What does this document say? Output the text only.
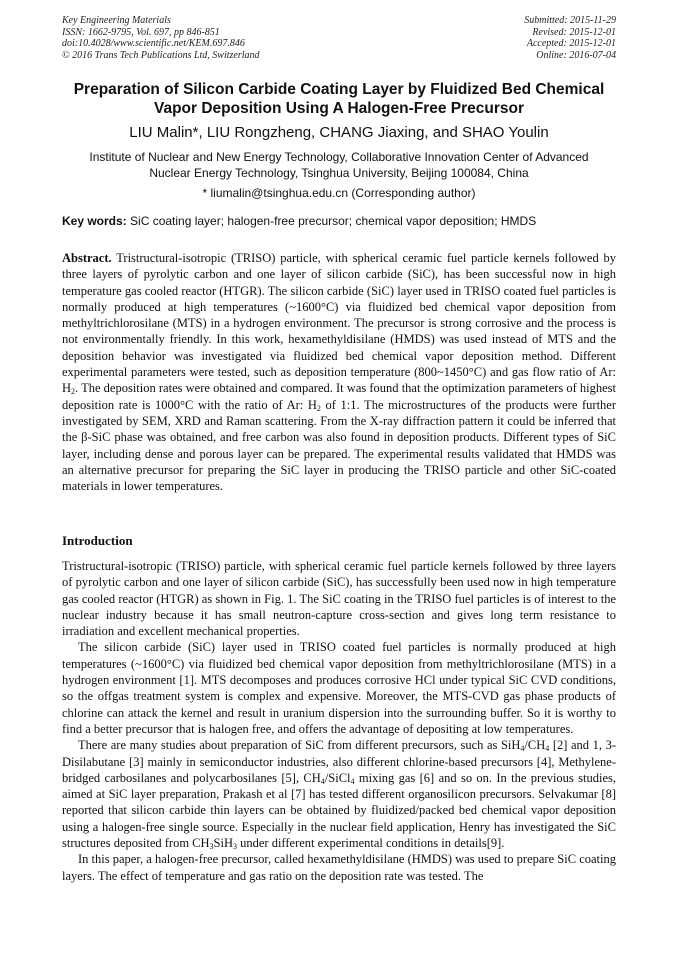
Key Engineering Materials
ISSN: 1662-9795, Vol. 697, pp 846-851
doi:10.4028/www.scientific.net/KEM.697.846
© 2016 Trans Tech Publications Ltd, Switzerland
Submitted: 2015-11-29
Revised: 2015-12-01
Accepted: 2015-12-01
Online: 2016-07-04
Preparation of Silicon Carbide Coating Layer by Fluidized Bed Chemical
Vapor Deposition Using A Halogen-Free Precursor
LIU Malin*, LIU Rongzheng, CHANG Jiaxing, and SHAO Youlin
Institute of Nuclear and New Energy Technology, Collaborative Innovation Center of Advanced
Nuclear Energy Technology, Tsinghua University, Beijing 100084, China
* liumalin@tsinghua.edu.cn (Corresponding author)
Key words: SiC coating layer; halogen-free precursor; chemical vapor deposition; HMDS
Abstract. Tristructural-isotropic (TRISO) particle, with spherical ceramic fuel particle kernels followed by three layers of pyrolytic carbon and one layer of silicon carbide (SiC), has been successful now in high temperature gas cooled reactor (HTGR). The silicon carbide (SiC) layer used in TRISO coated fuel particles is normally produced at high temperatures (~1600°C) via fluidized bed chemical vapor deposition from methyltrichlorosilane (MTS) in a hydrogen environment. The precursor is strong corrosive and the process is not environmentally friendly. In this work, hexamethyldisilane (HMDS) was used instead of MTS and the deposition behavior was investigated via fluidized bed chemical vapor deposition method. Different experimental parameters were tested, such as deposition temperature (800~1450°C) and gas flow ratio of Ar: $H_2$. The deposition rates were obtained and compared. It was found that the optimization parameters of highest deposition rate is 1000°C with the ratio of Ar: $H_2$ of 1:1. The microstructures of the products were further investigated by SEM, XRD and Raman scattering. From the X-ray diffraction pattern it could be inferred that the β-SiC phase was obtained, and free carbon was also found in deposition products. Different types of SiC layer, including dense and porous layer can be prepared. The experimental results validated that HMDS was an alternative precursor for preparing the SiC layer in producing the TRISO particle and other SiC-coated materials in lower temperatures.
Introduction

Tristructural-isotropic (TRISO) particle, with spherical ceramic fuel particle kernels followed by three layers of pyrolytic carbon and one layer of silicon carbide (SiC), has successfully been used now in high temperature gas cooled reactor (HTGR) as shown in Fig. 1. The SiC coating in the TRISO fuel particles is of interest to the nuclear industry because it has small neutron-capture cross-section and gives long term resistance to irradiation and excellent mechanical properties.

The silicon carbide (SiC) layer used in TRISO coated fuel particles is normally produced at high temperatures (~1600°C) via fluidized bed chemical vapor deposition from methyltrichlorosilane (MTS) in a hydrogen environment [1]. MTS decomposes and produces corrosive HCl under typical SiC CVD conditions, so the offgas treatment system is complex and expensive. Moreover, the MTS-CVD gas phase products of chlorine can attack the kernel and result in uranium dispersion into the surrounding buffer. So it is worthy to find a better precursor that is halogen free, and offers the advantage of depositing at low temperatures.

There are many studies about preparation of SiC from different precursors, such as $SiH_4/CH_4$ [2] and 1, 3-Disilabutane [3] mainly in semiconductor industries, also different chlorine-based precursors [4], Methylene-bridged carbosilanes and polycarbosilanes [5], $CH_4/SiCl_4$ mixing gas [6] and so on. In the previous studies, aimed at SiC layer preparation, Prakash et al [7] has tested different organosilicon precursors. Selvakumar [8] reported that silicon carbide thin layers can be obtained by fluidized/packed bed chemical vapor deposition using a halogen-free single source. Especially in the nuclear field application, Henry has investigated the SiC structures deposited from $CH_3SiH_3$ under different experimental conditions in details[9].

In this paper, a halogen-free precursor, called hexamethyldisilane (HMDS) was used to prepare SiC coating layers. The effect of temperature and gas ratio on the deposition rate was tested. The
